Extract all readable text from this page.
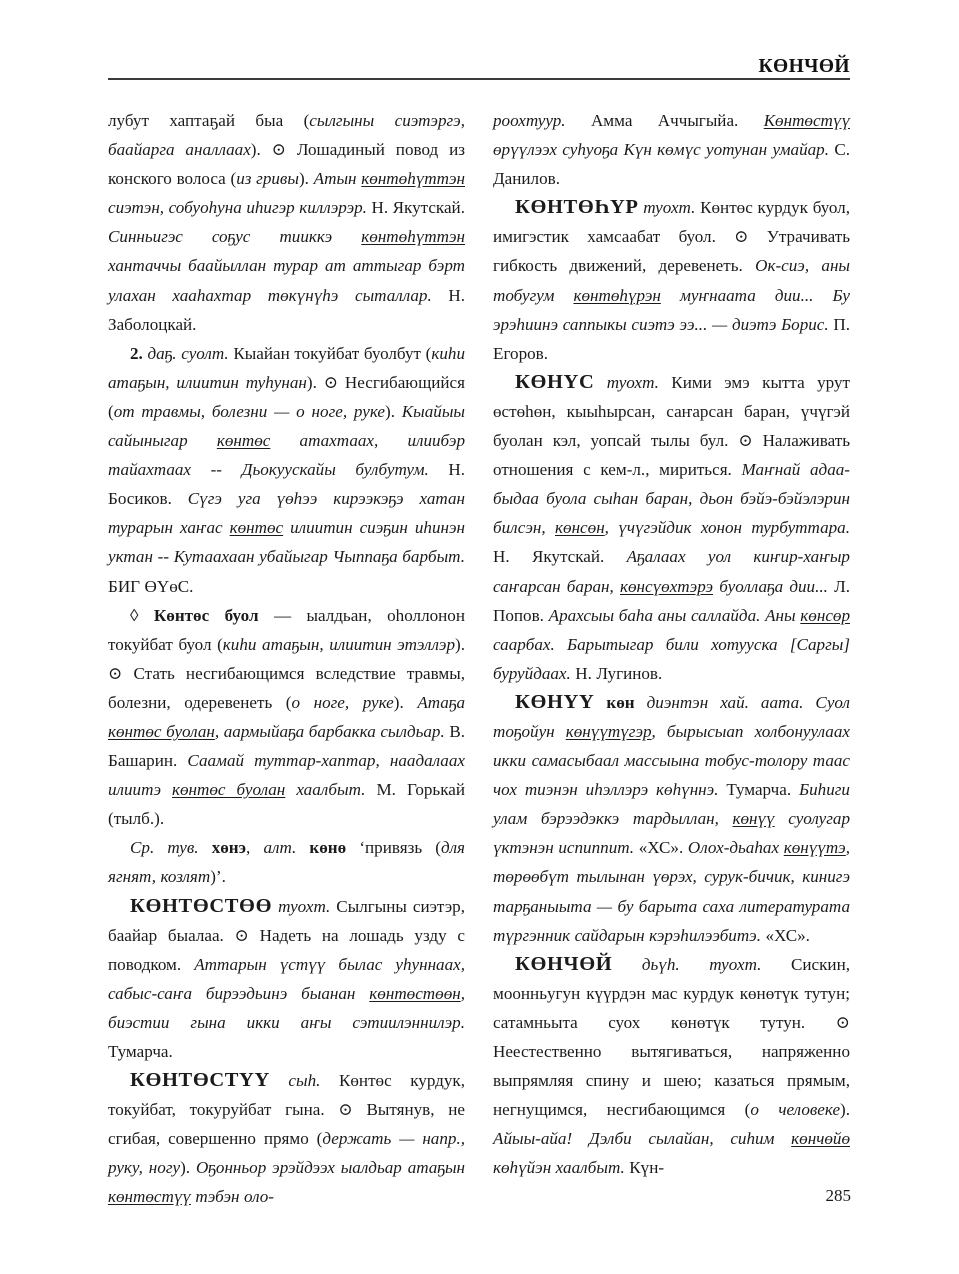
КӨНЧӨЙ

лубут хаптаҕай быа (сылгыны сиэтэргэ, баайарга аналлаах). ⊙ Лошадиный повод из конского волоса (из гривы). Атын көнтөһүттэн сиэтэн, собуоһуна иһигэр киллэрэр. Н. Якутскай. Синньигэс соҕус тииккэ көнтөһүттэн хантаччы баайыллан турар ат аттыгар бэрт улахан хааһахтар төкүнүһэ сыталлар. Н. Заболоцкай.

2. даҕ. суолт. Кыайан токуйбат буолбут (киһи атаҕын, илиитин туһунан). ⊙ Несгибающийся (от травмы, болезни — о ноге, руке). Кыайыы сайыныгар көнтөс атахтаах, илиибэр тайахтаах -- Дьокуускайы булбутум. Н. Босиков. Сүгэ уга үөһээ кирээкэҕэ хатан турарын хаҥас көнтөс илиитин сиэҕин иһинэн уктан -- Кутаахаан убайыгар Чыппаҕа барбыт. БИГ ӨҮөС.

◊ Көнтөс буол — ыалдьан, оһоллонон токуйбат буол (киһи атаҕын, илиитин этэллэр). ⊙ Стать несгибающимся вследствие травмы, болезни, одеревенеть (о ноге, руке). Атаҕа көнтөс буолан, аармыйаҕа барбакка сылдьар. В. Башарин. Саамай туттар-хаптар, наадалаах илиитэ көнтөс буолан хаалбыт. М. Горькай (тылб.).

Ср. тув. хөнэ, алт. көнө ‘привязь (для ягнят, козлят)’.

КӨНТӨСТӨӨ туохт. Сылгыны сиэтэр, баайар быалаа. ⊙ Надеть на лошадь узду с поводком. Аттарын үстүү былас уһуннаах, сабыс-саҥа бирээдьинэ быанан көнтөстөөн, биэстии гына икки аҥы сэтиилэннилэр. Тумарча.

КӨНТӨСТҮҮ сыһ. Көнтөс курдук, токуйбат, токуруйбат гына. ⊙ Вытянув, не сгибая, совершенно прямо (держать — напр., руку, ногу). Оҕонньор эрэйдээх ыалдьар атаҕын көнтөстүү тэбэн оло-

роохтуур. Амма Аччыгыйа. Көнтөстүү өрүүлээх суһуоҕа Күн көмүс уотунан умайар. С. Данилов.

КӨНТӨҺҮР туохт. Көнтөс курдук буол, имигэстик хамсаабат буол. ⊙ Утрачивать гибкость движений, деревенеть. Ок-сиэ, аны тобугум көнтөһүрэн муҥнаата дии... Бу эрэһиинэ саппыкы сиэтэ ээ... — диэтэ Борис. П. Егоров.

КӨНҮС туохт. Кими эмэ кытта урут өстөһөн, кыыһырсан, саҥарсан баран, үчүгэй буолан кэл, уопсай тылы бул. ⊙ Налаживать отношения с кем-л., мириться. Маҥнай адаа-быдаа буола сыһан баран, дьон бэйэ-бэйэлэрин билсэн, көнсөн, үчүгэйдик хонон турбуттара. Н. Якутскай. Аҕалаах уол киҥир-хаҥыр саҥарсан баран, көнсүөхтэрэ буоллаҕа дии... Л. Попов. Арахсыы баһа аны саллайда. Аны көнсөр саарбах. Барытыгар били хотууска [Саргы] буруйдаах. Н. Лугинов.

КӨНҮҮ көн диэнтэн хай. аата. Суол тоҕойун көнүүтүгэр, бырысыап холбонуулаах икки самасыбаал массыына тобус-толору таас чох тиэнэн иһэллэрэ көһүннэ. Тумарча. Биһиги улам бэрээдэккэ тардыллан, көнүү суолугар үктэнэн испиппит. «ХС». Олох-дьаһах көнүүтэ, төрөөбүт тылынан үөрэх, сурук-бичик, кинигэ тарҕаныыта — бу барыта саха литературата түргэнник сайдарын кэрэһилээбитэ. «ХС».

КӨНЧӨЙ дьүһ. туохт. Сискин, моонньугун күүрдэн мас курдук көнөтүк тутун; сатамньыта суох көнөтүк тутун. ⊙ Неестественно вытягиваться, напряженно выпрямляя спину и шею; казаться прямым, негнущимся, несгибающимся (о человеке). Айыы-айа! Дэлби сылайан, сиһим көнчөйө көһүйэн хаалбыт. Күн-

285
